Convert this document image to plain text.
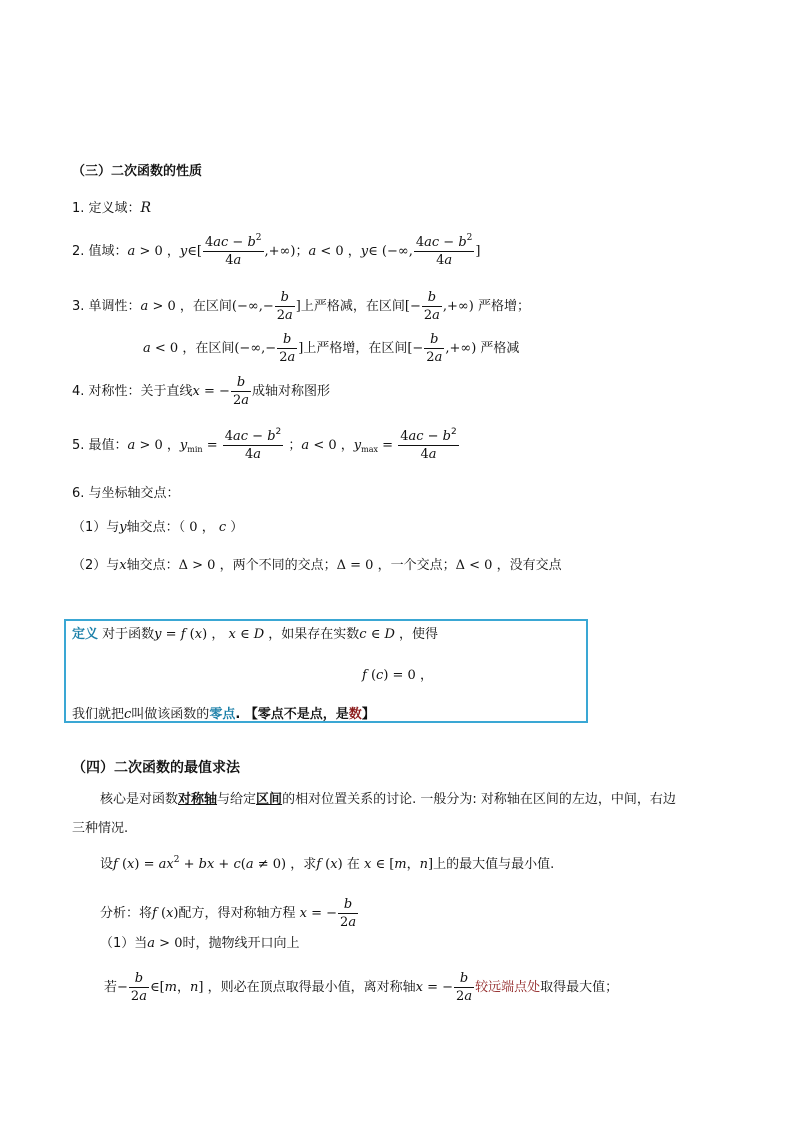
（三）二次函数的性质
1. 定义域：R
2. 值域：a > 0 ，y∈[ $\frac{4ac - b^2}{4a}$ ,+∞)；a < 0 ，y∈ (−∞, $\frac{4ac - b^2}{4a}$ ]
3. 单调性：a > 0 ，在区间(−∞,− $\frac{b}{2a}$ ]上严格减，在区间[− $\frac{b}{2a}$ ,+∞) 严格增；
a < 0 ，在区间(−∞,− $\frac{b}{2a}$ ]上严格增，在区间[− $\frac{b}{2a}$ ,+∞) 严格减
4. 对称性：关于直线x = − $\frac{b}{2a}$ 成轴对称图形
5. 最值：a > 0 ，$y_{min} = \frac{4ac - b^2}{4a}$ ；a < 0 ，$y_{max} = \frac{4ac - b^2}{4a}$
6. 与坐标轴交点：
（1）与y轴交点：（ 0 ， c ）
（2）与x轴交点：Δ > 0 ，两个不同的交点；Δ = 0 ，一个交点；Δ < 0 ，没有交点
定义 对于函数y = f (x) ， x ∈ D ，如果存在实数c ∈ D ，使得
f (c) = 0 ，
我们就把c叫做该函数的零点. 【零点不是点，是数】
（四）二次函数的最值求法
核心是对函数对称轴与给定区间的相对位置关系的讨论. 一般分为: 对称轴在区间的左边，中间，右边
三种情况.
设f $(x) = ax^2$ + bx + c(a ≠ 0) ，求f (x) 在 x ∈ [m，n]上的最大值与最小值.
分析：将f (x)配方，得对称轴方程 x = − $\frac{b}{2a}$
（1）当a > 0时，抛物线开口向上
若− $\frac{b}{2a}$ ∈[m，n] ，则必在顶点取得最小值，离对称轴x = − $\frac{b}{2a}$ 较远端点处取得最大值；
